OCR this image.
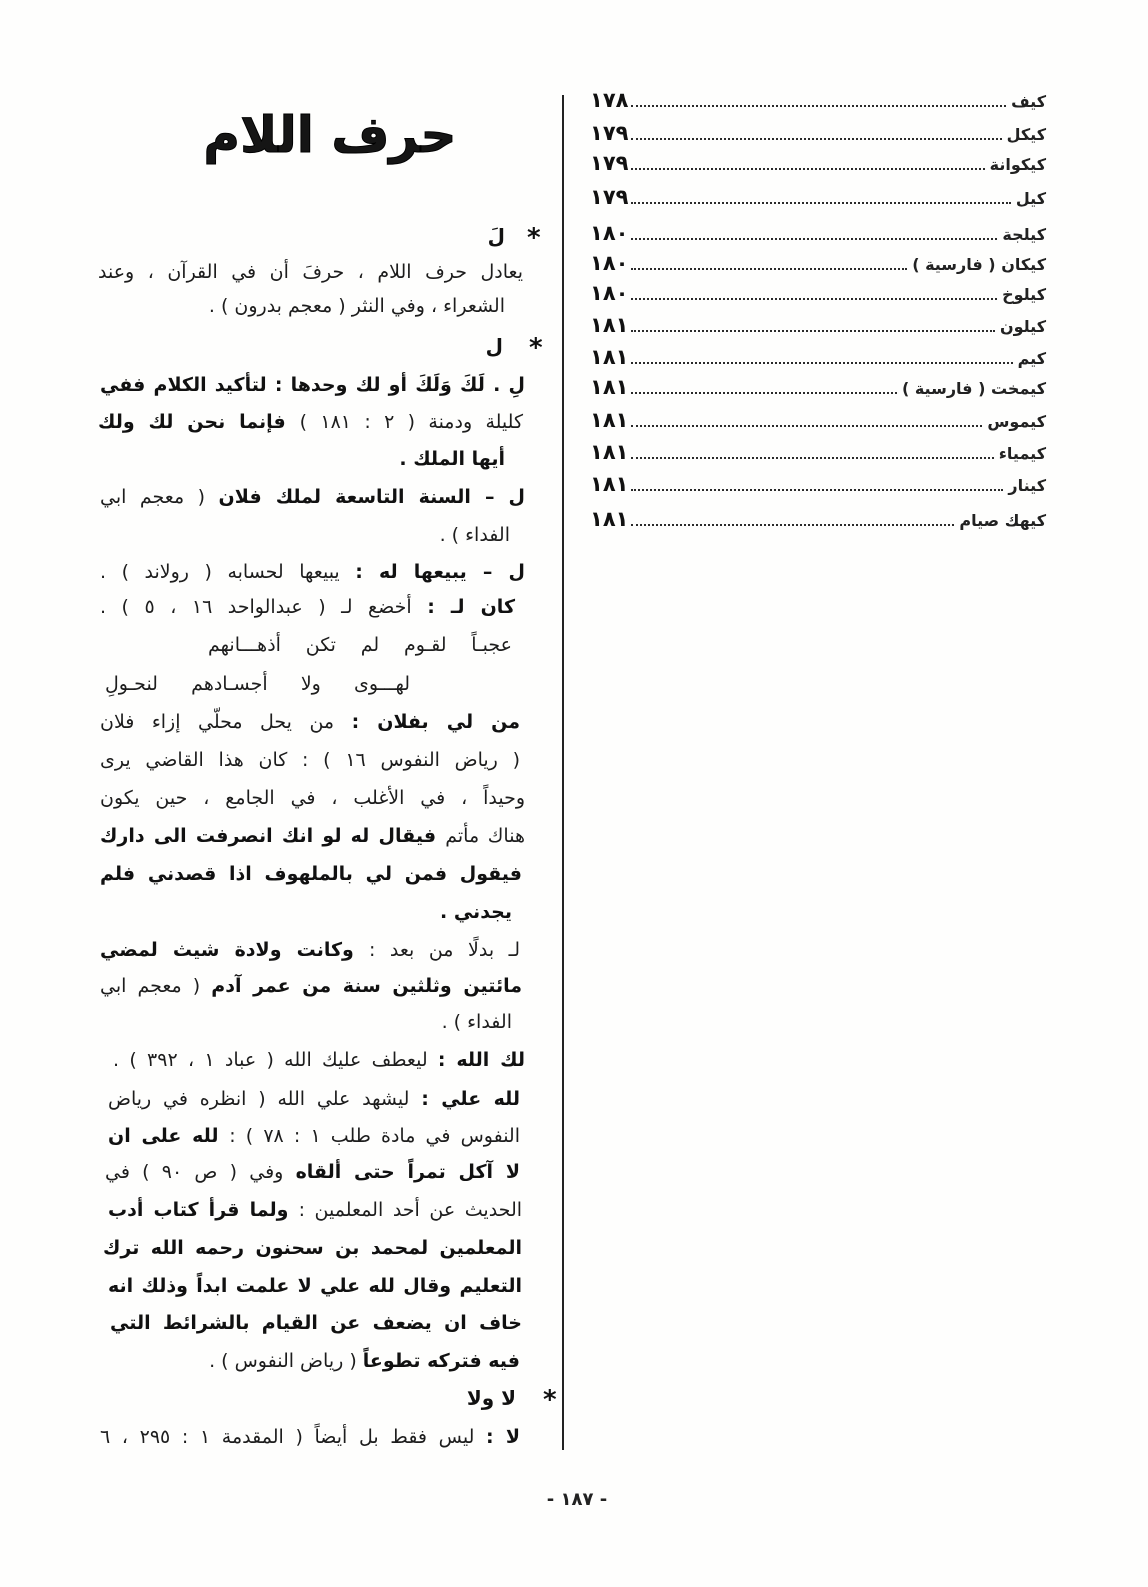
كيف
١٧٨
كيكل
١٧٩
كيكوانة
١٧٩
كيل
١٧٩
كيلجة
١٨٠
كيكان ( فارسية )
١٨٠
كيلوخ
١٨٠
كيلون
١٨١
كيم
١٨١
كيمخت ( فارسية )
١٨١
كيموس
١٨١
كيمياء
١٨١
كينار
١٨١
كيهك صيام
١٨١
حرف اللام
*
لَ
*
ل
*
لا ولا
يعادل حرف اللام ، حرفَ أن في القرآن ، وعند
الشعراء ، وفي النثر ( معجم بدرون ) .
لِ . لَكَ وَلَكَ أو لك وحدها : لتأكيد الكلام ففي
كليلة ودمنة ( ٢ : ١٨١ ) فإنما نحن لك ولك
أيها الملك .
ل – السنة التاسعة لملك فلان ( معجم ابي
الفداء ) .
ل – يبيعها له : يبيعها لحسابه ( رولاند ) .
كان لـ : أخضع لـ ( عبدالواحد ١٦ ، ٥ ) .
عجبـاً لقـوم لم تكن أذهـــانهم
لهـــوى ولا أجسـادهم لنحـولِ
من لي بفلان : من يحل محلّي إزاء فلان
( رياض النفوس ١٦ ) : كان هذا القاضي يرى
وحيداً ، في الأغلب ، في الجامع ، حين يكون
هناك مأتم فيقال له لو انك انصرفت الى دارك
فيقول فمن لي بالملهوف اذا قصدني فلم
يجدني .
لـ بدلًا من بعد : وكانت ولادة شيث لمضي
مائتين وثلثين سنة من عمر آدم ( معجم ابي
الفداء ) .
لك الله : ليعطف عليك الله ( عباد ١ ، ٣٩٢ ) .
لله علي : ليشهد علي الله ( انظره في رياض
النفوس في مادة طلب ١ : ٧٨ ) : لله على ان
لا آكل تمراً حتى ألقاه وفي ( ص ٩٠ ) في
الحديث عن أحد المعلمين : ولما قرأ كتاب أدب
المعلمين لمحمد بن سحنون رحمه الله ترك
التعليم وقال لله علي لا علمت ابداً وذلك انه
خاف ان يضعف عن القيام بالشرائط التي
فيه فتركه تطوعاً ( رياض النفوس ) .
لا : ليس فقط بل أيضاً ( المقدمة ١ : ٢٩٥ ، ٦
- ١٨٧ -
